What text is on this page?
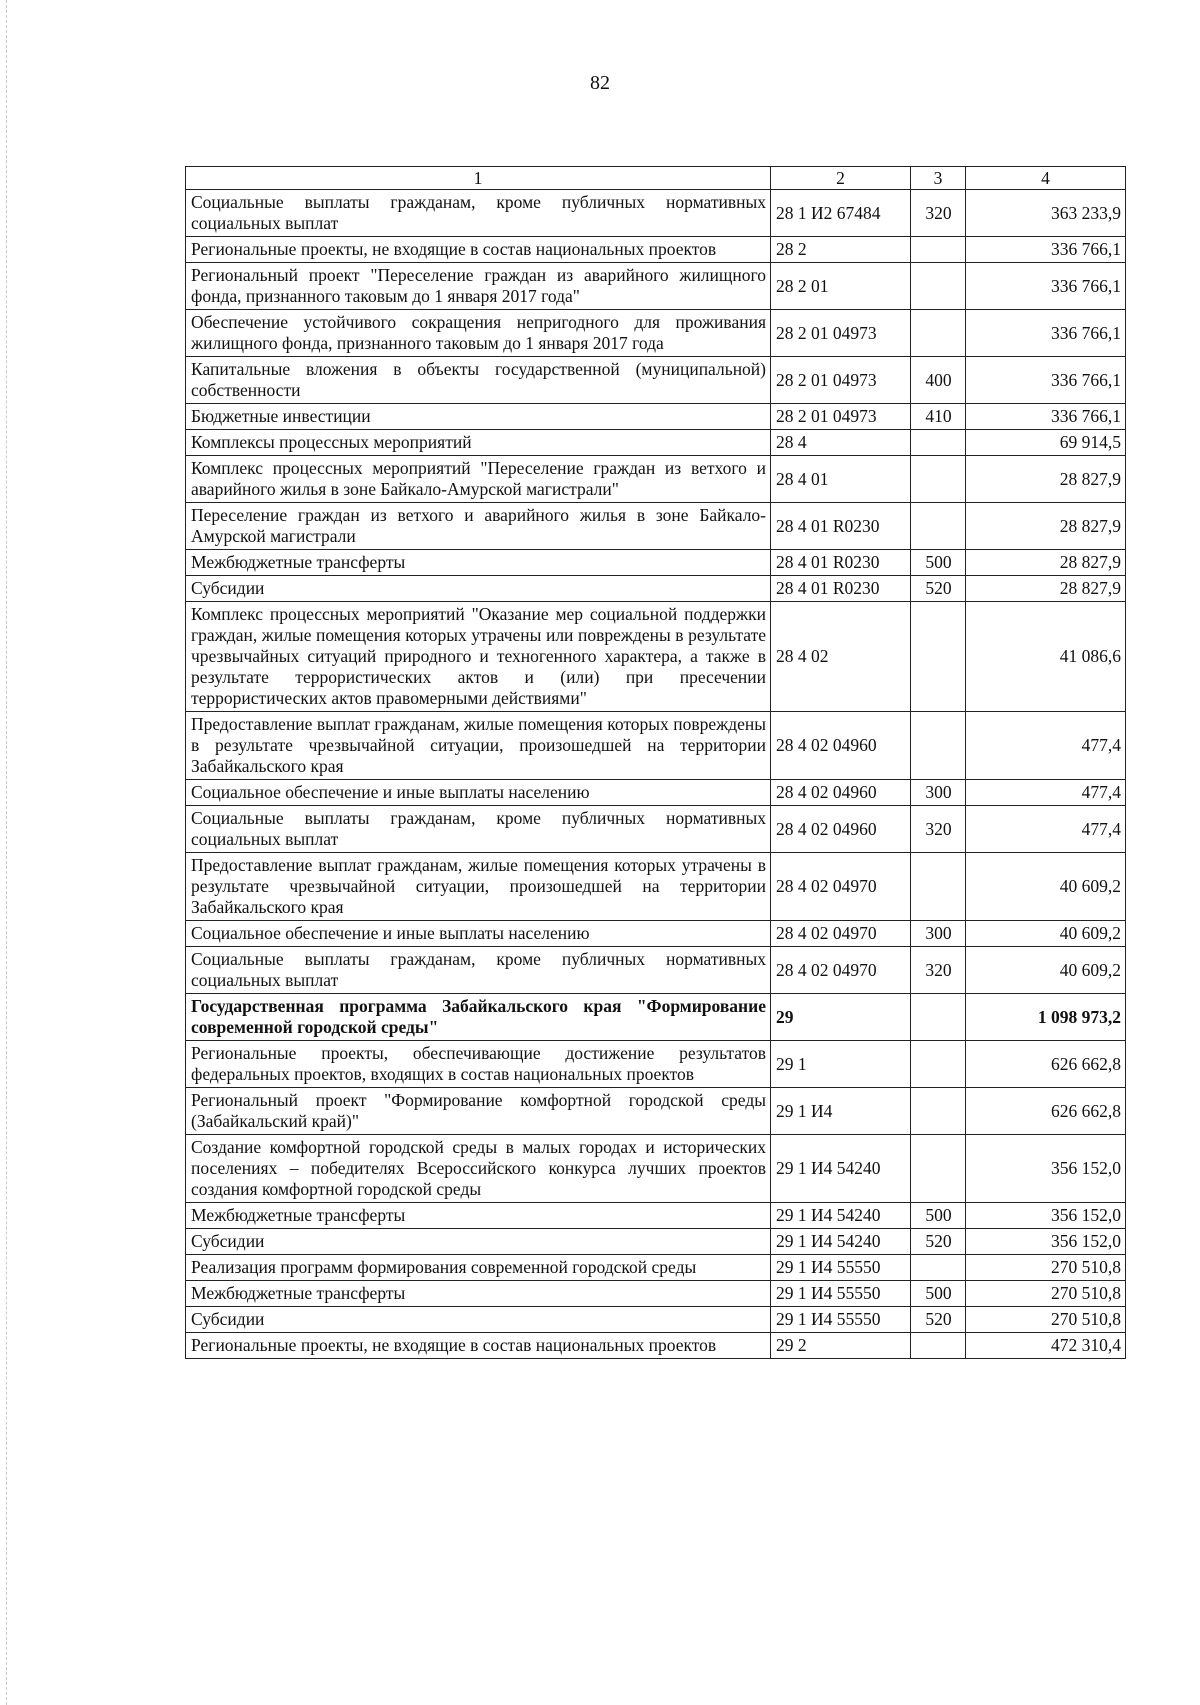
82
1	2	3	4
Социальные выплаты гражданам, кроме публичных нормативных социальных выплат	28 1 И2 67484	320	363 233,9
Региональные проекты, не входящие в состав национальных проектов	28 2		336 766,1
Региональный проект "Переселение граждан из аварийного жилищного фонда, признанного таковым до 1 января 2017 года"	28 2 01		336 766,1
Обеспечение устойчивого сокращения непригодного для проживания жилищного фонда, признанного таковым до 1 января 2017 года	28 2 01 04973		336 766,1
Капитальные вложения в объекты государственной (муниципальной) собственности	28 2 01 04973	400	336 766,1
Бюджетные инвестиции	28 2 01 04973	410	336 766,1
Комплексы процессных мероприятий	28 4		69 914,5
Комплекс процессных мероприятий "Переселение граждан из ветхого и аварийного жилья в зоне Байкало-Амурской магистрали"	28 4 01		28 827,9
Переселение граждан из ветхого и аварийного жилья в зоне Байкало-Амурской магистрали	28 4 01 R0230		28 827,9
Межбюджетные трансферты	28 4 01 R0230	500	28 827,9
Субсидии	28 4 01 R0230	520	28 827,9
Комплекс процессных мероприятий "Оказание мер социальной поддержки граждан, жилые помещения которых утрачены или повреждены в результате чрезвычайных ситуаций природного и техногенного характера, а также в результате террористических актов и (или) при пресечении террористических актов правомерными действиями"	28 4 02		41 086,6
Предоставление выплат гражданам, жилые помещения которых повреждены в результате чрезвычайной ситуации, произошедшей на территории Забайкальского края	28 4 02 04960		477,4
Социальное обеспечение и иные выплаты населению	28 4 02 04960	300	477,4
Социальные выплаты гражданам, кроме публичных нормативных социальных выплат	28 4 02 04960	320	477,4
Предоставление выплат гражданам, жилые помещения которых утрачены в результате чрезвычайной ситуации, произошедшей на территории Забайкальского края	28 4 02 04970		40 609,2
Социальное обеспечение и иные выплаты населению	28 4 02 04970	300	40 609,2
Социальные выплаты гражданам, кроме публичных нормативных социальных выплат	28 4 02 04970	320	40 609,2
Государственная программа Забайкальского края "Формирование современной городской среды"	29		1 098 973,2
Региональные проекты, обеспечивающие достижение результатов федеральных проектов, входящих в состав национальных проектов	29 1		626 662,8
Региональный проект "Формирование комфортной городской среды (Забайкальский край)"	29 1 И4		626 662,8
Создание комфортной городской среды в малых городах и исторических поселениях – победителях Всероссийского конкурса лучших проектов создания комфортной городской среды	29 1 И4 54240		356 152,0
Межбюджетные трансферты	29 1 И4 54240	500	356 152,0
Субсидии	29 1 И4 54240	520	356 152,0
Реализация программ формирования современной городской среды	29 1 И4 55550		270 510,8
Межбюджетные трансферты	29 1 И4 55550	500	270 510,8
Субсидии	29 1 И4 55550	520	270 510,8
Региональные проекты, не входящие в состав национальных проектов	29 2		472 310,4
